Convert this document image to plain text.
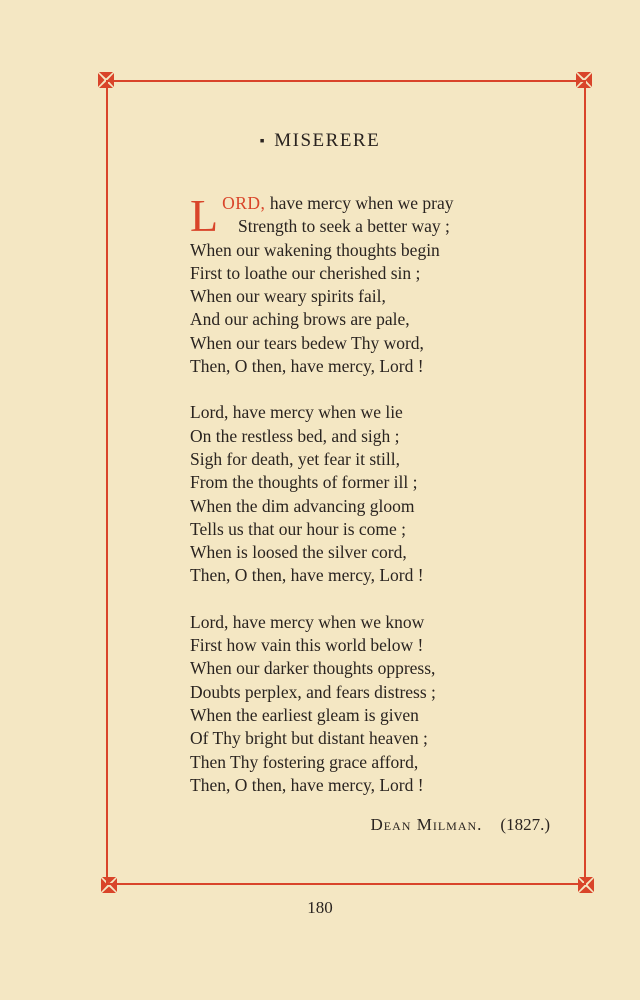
▪ MISERERE
LORD, have mercy when we pray
Strength to seek a better way ;
When our wakening thoughts begin
First to loathe our cherished sin ;
When our weary spirits fail,
And our aching brows are pale,
When our tears bedew Thy word,
Then, O then, have mercy, Lord !
Lord, have mercy when we lie
On the restless bed, and sigh ;
Sigh for death, yet fear it still,
From the thoughts of former ill ;
When the dim advancing gloom
Tells us that our hour is come ;
When is loosed the silver cord,
Then, O then, have mercy, Lord !
Lord, have mercy when we know
First how vain this world below !
When our darker thoughts oppress,
Doubts perplex, and fears distress ;
When the earliest gleam is given
Of Thy bright but distant heaven ;
Then Thy fostering grace afford,
Then, O then, have mercy, Lord !
Dean Milman. (1827.)
180
